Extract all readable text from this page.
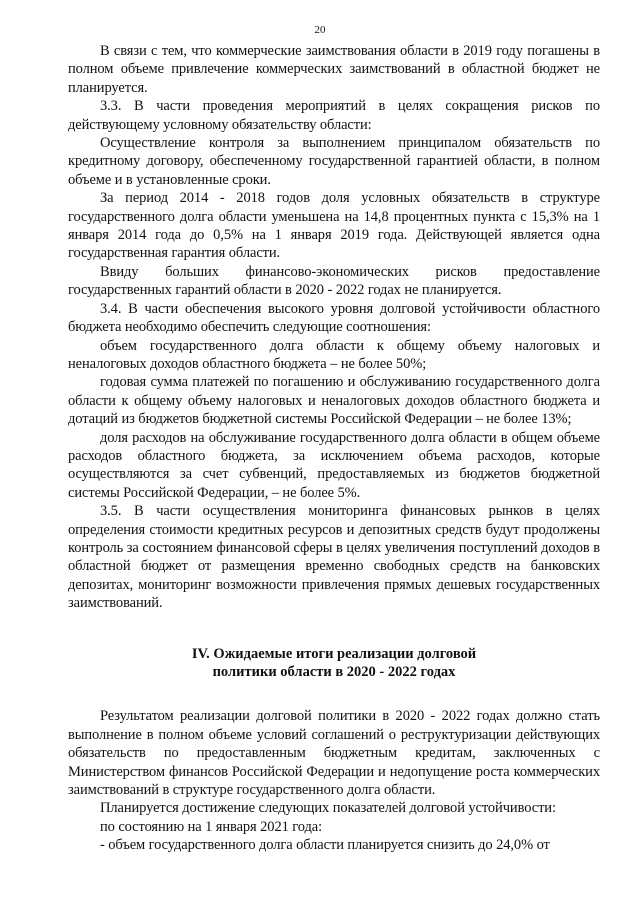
20

В связи с тем, что коммерческие заимствования области в 2019 году погашены в полном объеме привлечение коммерческих заимствований в областной бюджет не планируется.

3.3. В части проведения мероприятий в целях сокращения рисков по действующему условному обязательству области:

Осуществление контроля за выполнением принципалом обязательств по кредитному договору, обеспеченному государственной гарантией области, в полном объеме и в установленные сроки.

За период 2014 - 2018 годов доля условных обязательств в структуре государственного долга области уменьшена на 14,8 процентных пункта с 15,3% на 1 января 2014 года до 0,5% на 1 января 2019 года. Действующей является одна государственная гарантия области.

Ввиду больших финансово-экономических рисков предоставление государственных гарантий области в 2020 - 2022 годах не планируется.

3.4. В части обеспечения высокого уровня долговой устойчивости областного бюджета необходимо обеспечить следующие соотношения:

объем государственного долга области к общему объему налоговых и неналоговых доходов областного бюджета – не более 50%;

годовая сумма платежей по погашению и обслуживанию государственного долга области к общему объему налоговых и неналоговых доходов областного бюджета и дотаций из бюджетов бюджетной системы Российской Федерации – не более 13%;

доля расходов на обслуживание государственного долга области в общем объеме расходов областного бюджета, за исключением объема расходов, которые осуществляются за счет субвенций, предоставляемых из бюджетов бюджетной системы Российской Федерации, – не более 5%.

3.5. В части осуществления мониторинга финансовых рынков в целях определения стоимости кредитных ресурсов и депозитных средств будут продолжены контроль за состоянием финансовой сферы в целях увеличения поступлений доходов в областной бюджет от размещения временно свободных средств на банковских депозитах, мониторинг возможности привлечения прямых дешевых государственных заимствований.

IV. Ожидаемые итоги реализации долговой
политики области в 2020 - 2022 годах

Результатом реализации долговой политики в 2020 - 2022 годах должно стать выполнение в полном объеме условий соглашений о реструктуризации действующих обязательств по предоставленным бюджетным кредитам, заключенных с Министерством финансов Российской Федерации и недопущение роста коммерческих заимствований в структуре государственного долга области.

Планируется достижение следующих показателей долговой устойчивости:

по состоянию на 1 января 2021 года:

- объем государственного долга области планируется снизить до 24,0% от
